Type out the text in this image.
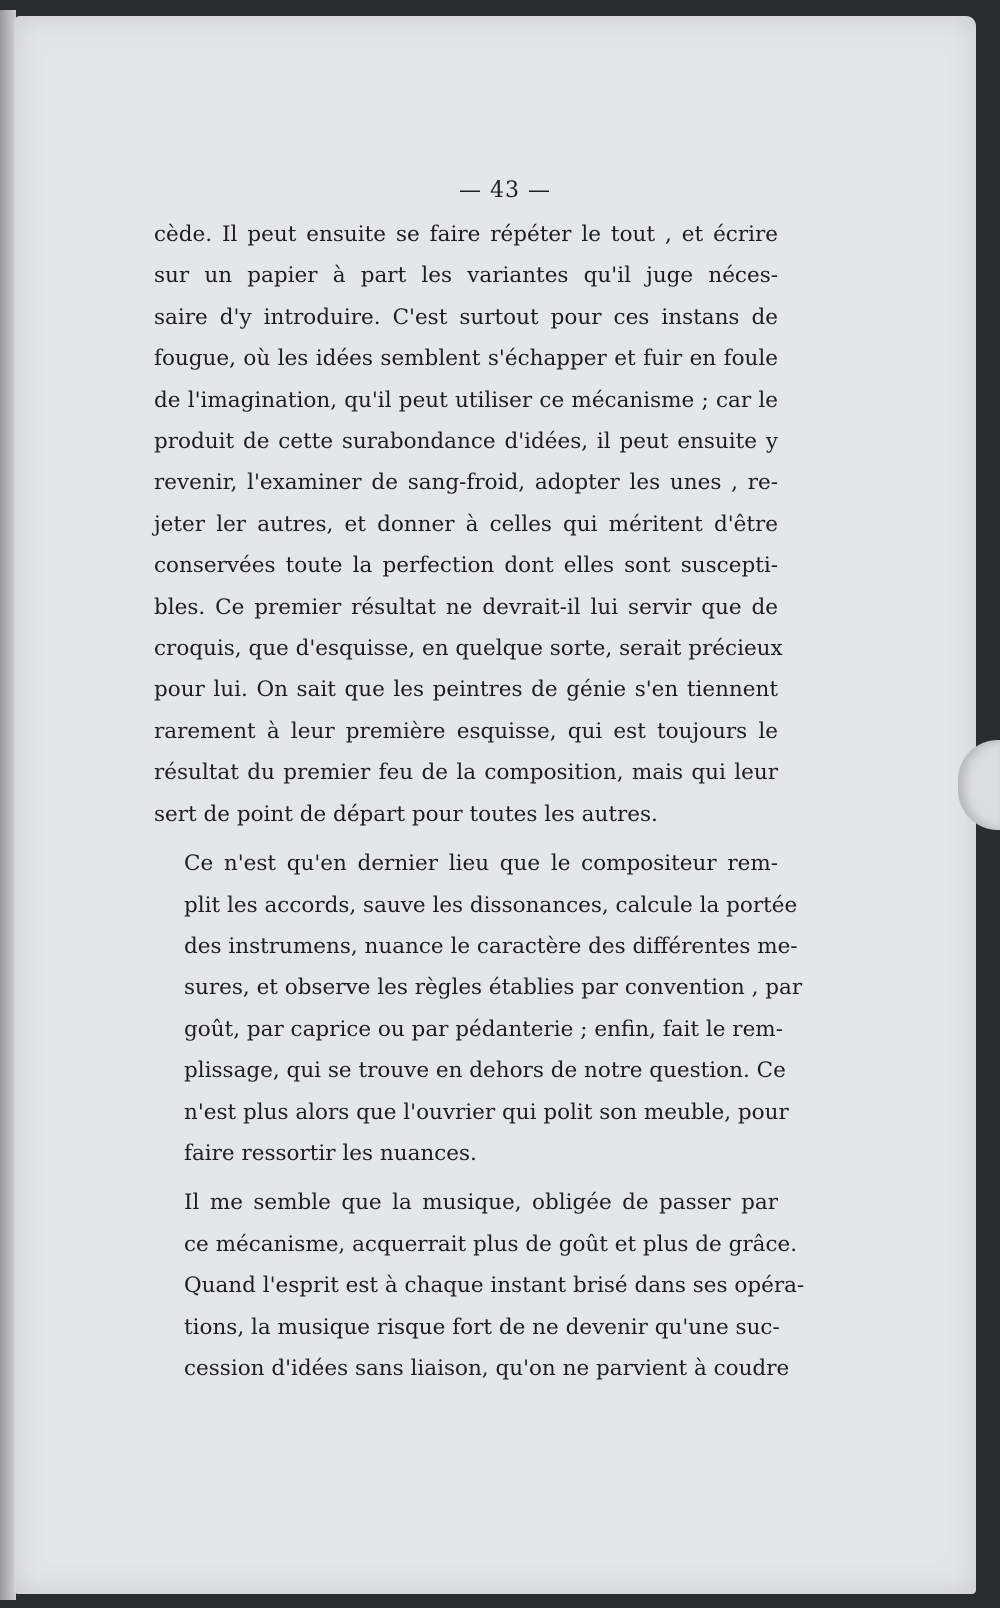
— 43 —

cède. Il peut ensuite se faire répéter le tout , et écrire
sur un papier à part les variantes qu'il juge néces-
saire d'y introduire. C'est surtout pour ces instans de
fougue, où les idées semblent s'échapper et fuir en foule
de l'imagination, qu'il peut utiliser ce mécanisme ; car le
produit de cette surabondance d'idées, il peut ensuite y
revenir, l'examiner de sang-froid, adopter les unes , re-
jeter ler autres, et donner à celles qui méritent d'être
conservées toute la perfection dont elles sont suscepti-
bles. Ce premier résultat ne devrait-il lui servir que de
croquis, que d'esquisse, en quelque sorte, serait précieux
pour lui. On sait que les peintres de génie s'en tiennent
rarement à leur première esquisse, qui est toujours le
résultat du premier feu de la composition, mais qui leur
sert de point de départ pour toutes les autres.

Ce n'est qu'en dernier lieu que le compositeur rem-
plit les accords, sauve les dissonances, calcule la portée
des instrumens, nuance le caractère des différentes me-
sures, et observe les règles établies par convention , par
goût, par caprice ou par pédanterie ; enfin, fait le rem-
plissage, qui se trouve en dehors de notre question. Ce
n'est plus alors que l'ouvrier qui polit son meuble, pour
faire ressortir les nuances.

Il me semble que la musique, obligée de passer par
ce mécanisme, acquerrait plus de goût et plus de grâce.
Quand l'esprit est à chaque instant brisé dans ses opéra-
tions, la musique risque fort de ne devenir qu'une suc-
cession d'idées sans liaison, qu'on ne parvient à coudre
